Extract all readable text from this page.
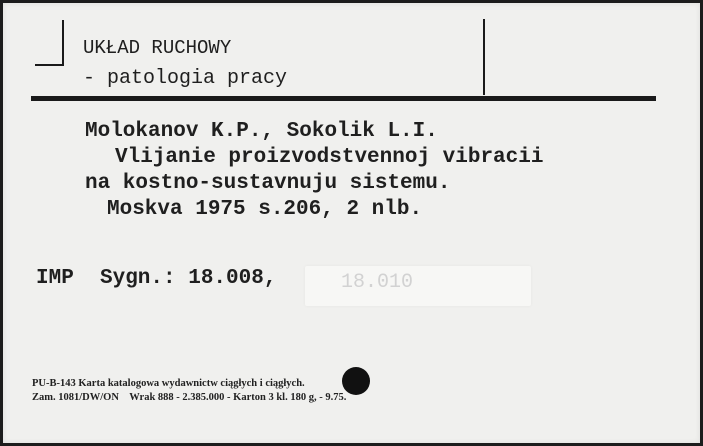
UKŁAD RUCHOWY
- patologia pracy
Molokanov K.P., Sokolik L.I.
Vlijanie proizvodstvennoj vibracii
na kostno-sustavnuju sistemu.
Moskva 1975 s.206, 2 nlb.
IMP	18.010
Sygn.: 18.008,
PU-B-143 Karta katalogowa wydawnictw ciągłych i ciągłych.
Zam. 1081/DW/ON    Wrak 888 - 2.385.000 - Karton 3 kl. 180 g, - 9.75.
